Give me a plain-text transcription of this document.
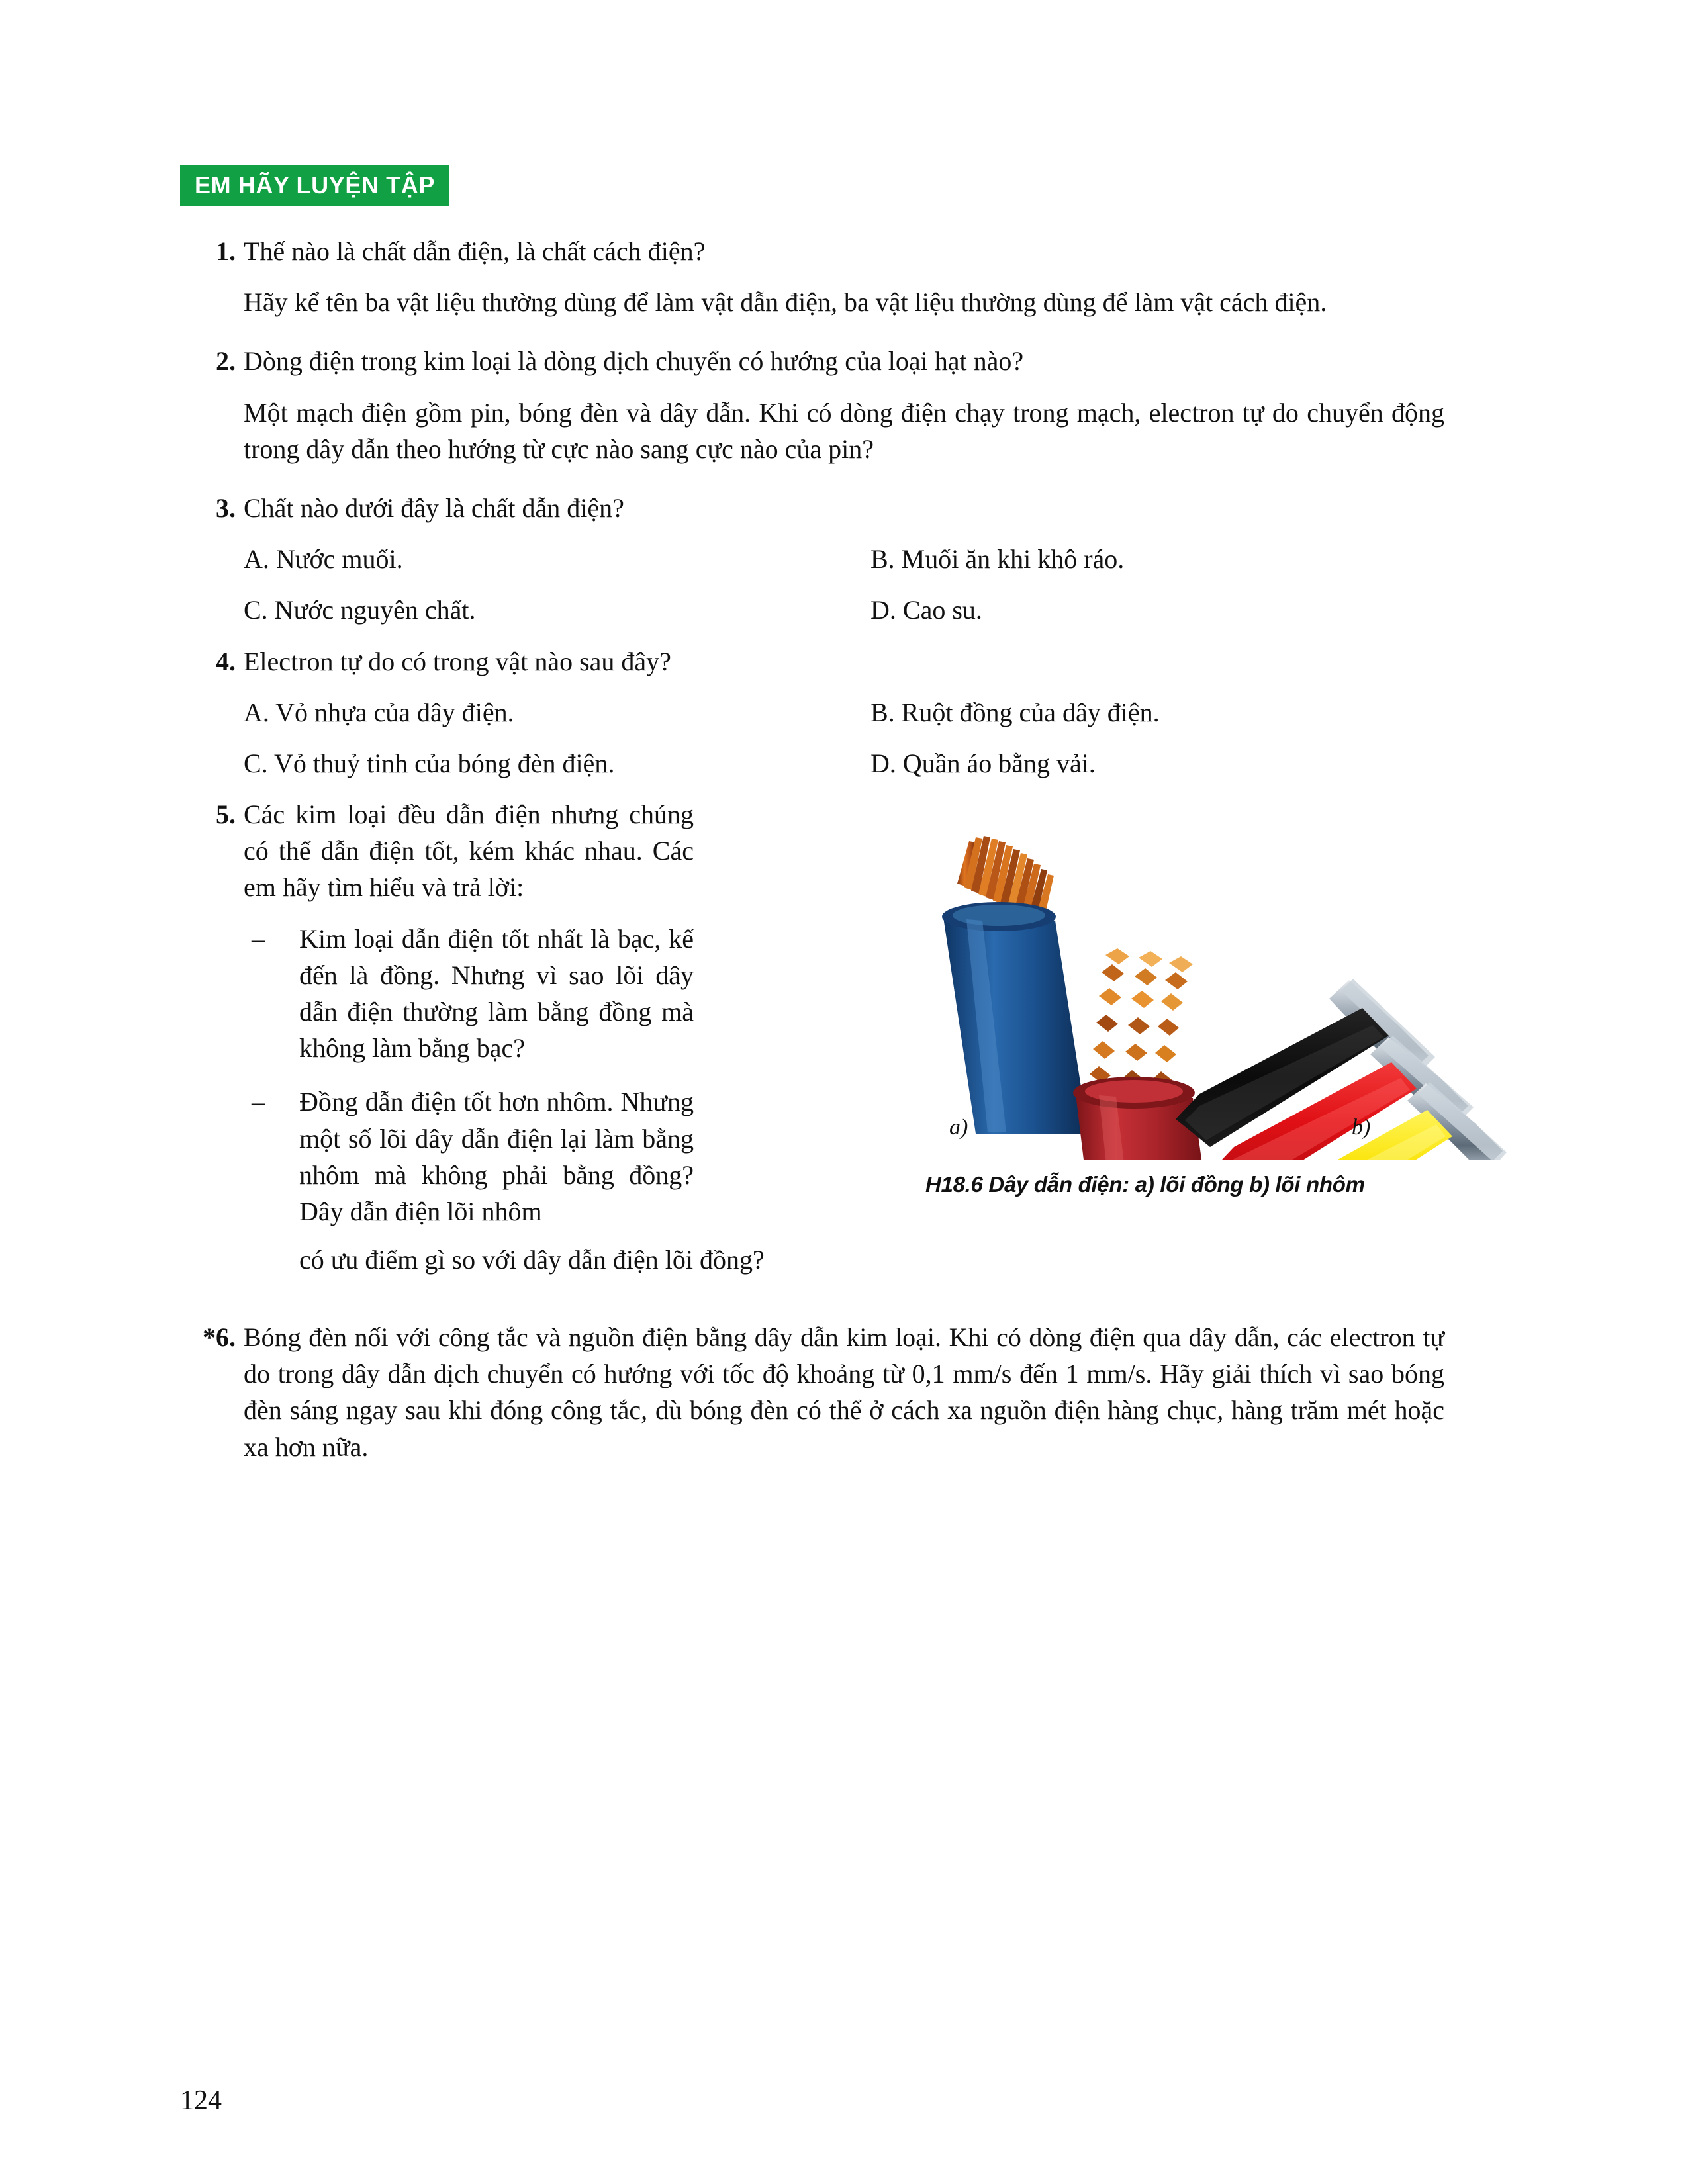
EM HÃY LUYỆN TẬP
1. Thế nào là chất dẫn điện, là chất cách điện?

Hãy kể tên ba vật liệu thường dùng để làm vật dẫn điện, ba vật liệu thường dùng để làm vật cách điện.

2. Dòng điện trong kim loại là dòng dịch chuyển có hướng của loại hạt nào?

Một mạch điện gồm pin, bóng đèn và dây dẫn. Khi có dòng điện chạy trong mạch, electron tự do chuyển động trong dây dẫn theo hướng từ cực nào sang cực nào của pin?

3. Chất nào dưới đây là chất dẫn điện?

A. Nước muối.	B. Muối ăn khi khô ráo.
C. Nước nguyên chất.	D. Cao su.
4. Electron tự do có trong vật nào sau đây?

A. Vỏ nhựa của dây điện.	B. Ruột đồng của dây điện.
C. Vỏ thuỷ tinh của bóng đèn điện.	D. Quần áo bằng vải.
5. Các kim loại đều dẫn điện nhưng chúng có thể dẫn điện tốt, kém khác nhau. Các em hãy tìm hiểu và trả lời:

– Kim loại dẫn điện tốt nhất là bạc, kế đến là đồng. Nhưng vì sao lõi dây dẫn điện thường làm bằng đồng mà không làm bằng bạc?

– Đồng dẫn điện tốt hơn nhôm. Nhưng một số lõi dây dẫn điện lại làm bằng nhôm mà không phải bằng đồng? Dây dẫn điện lõi nhôm

a)	b)
H18.6 Dây dẫn điện: a) lõi đồng b) lõi nhôm
có ưu điểm gì so với dây dẫn điện lõi đồng?
*6. Bóng đèn nối với công tắc và nguồn điện bằng dây dẫn kim loại. Khi có dòng điện qua dây dẫn, các electron tự do trong dây dẫn dịch chuyển có hướng với tốc độ khoảng từ 0,1 mm/s đến 1 mm/s. Hãy giải thích vì sao bóng đèn sáng ngay sau khi đóng công tắc, dù bóng đèn có thể ở cách xa nguồn điện hàng chục, hàng trăm mét hoặc xa hơn nữa.

124
